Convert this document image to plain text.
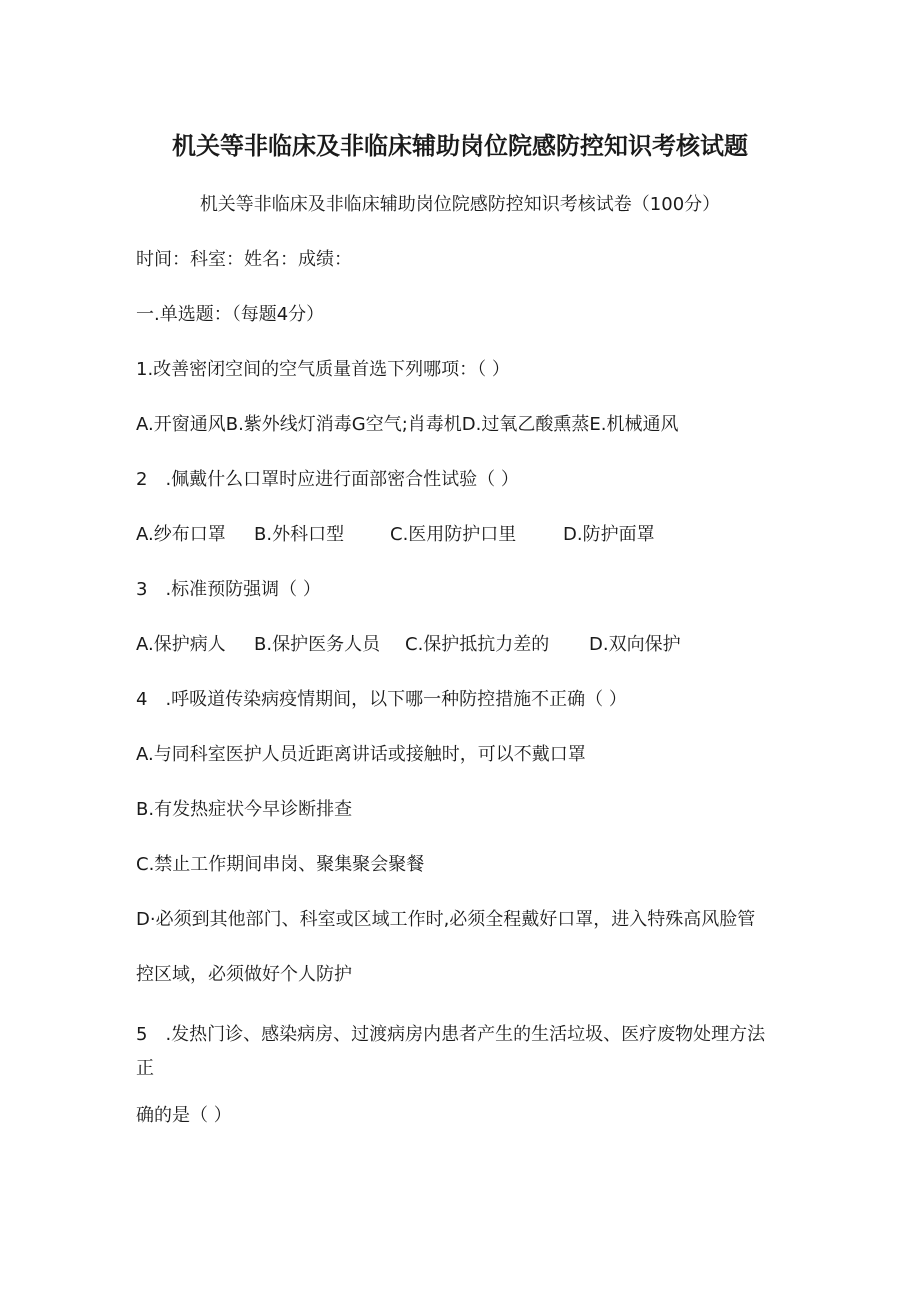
机关等非临床及非临床辅助岗位院感防控知识考核试题
机关等非临床及非临床辅助岗位院感防控知识考核试卷（100分）
时间：科室：姓名：成绩：
一.单选题：（每题4分）
1.改善密闭空间的空气质量首选下列哪项：（ ）
A.开窗通风B.紫外线灯消毒G空气;肖毒机D.过氧乙酸熏蒸E.机械通风
2　.佩戴什么口罩时应进行面部密合性试验（ ）
A.纱布口罩 B.外科口型	C.医用防护口里	D.防护面罩
3　.标准预防强调（ ）
A.保护病人 B.保护医务人员 C.保护抵抗力差的 D.双向保护
4　.呼吸道传染病疫情期间，以下哪一种防控措施不正确（ ）
A.与同科室医护人员近距离讲话或接触时，可以不戴口罩
B.有发热症状今早诊断排查
C.禁止工作期间串岗、聚集聚会聚餐
D·必须到其他部门、科室或区域工作时,必须全程戴好口罩，进入特殊高风脸管
控区域，必须做好个人防护
5　.发热门诊、感染病房、过渡病房内患者产生的生活垃圾、医疗废物处理方法正
确的是（ ）
